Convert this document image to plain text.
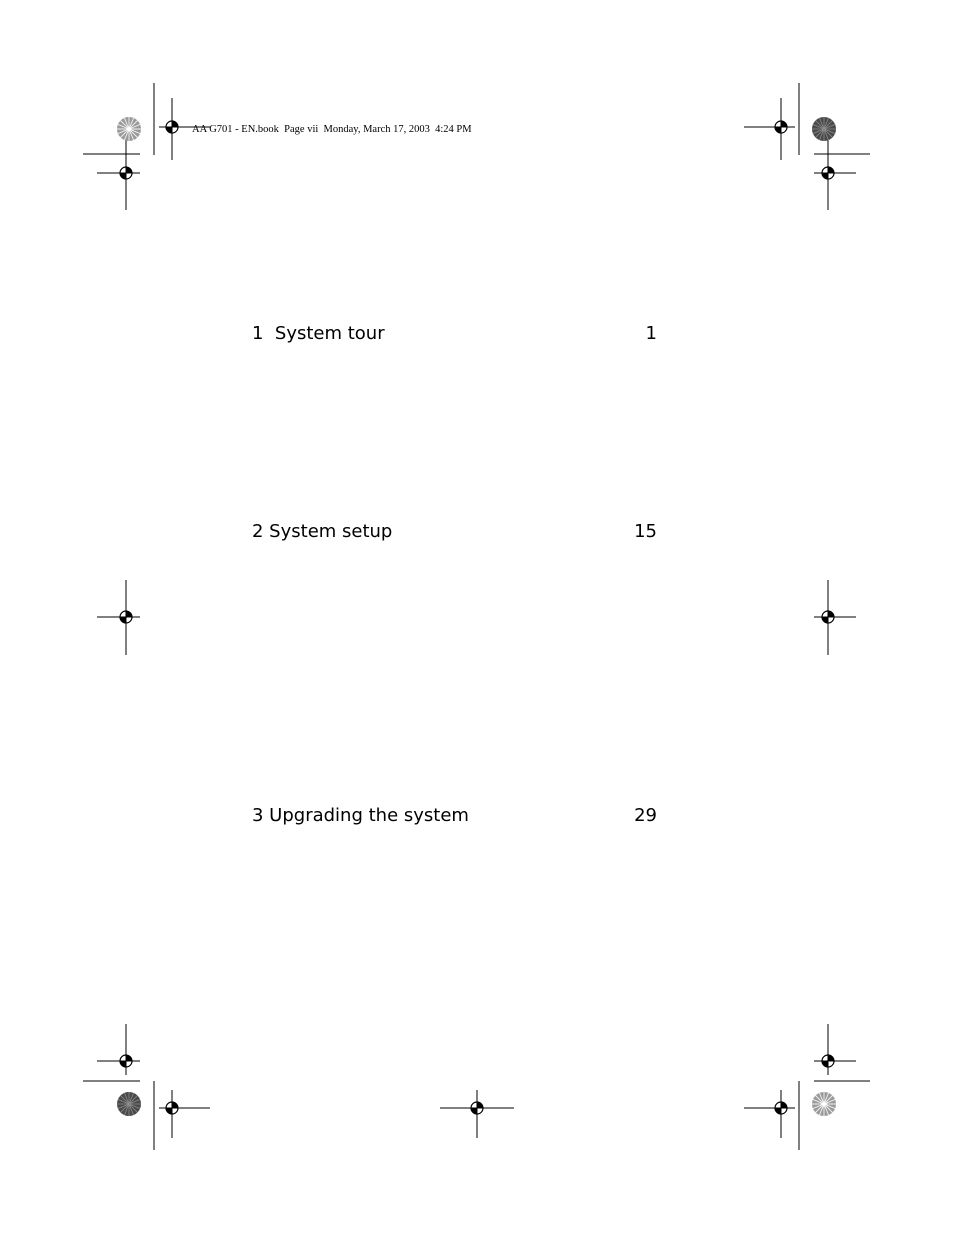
AA G701 - EN.book  Page vii  Monday, March 17, 2003  4:24 PM
1  System tour	1
2 System setup	15
3 Upgrading the system	29
